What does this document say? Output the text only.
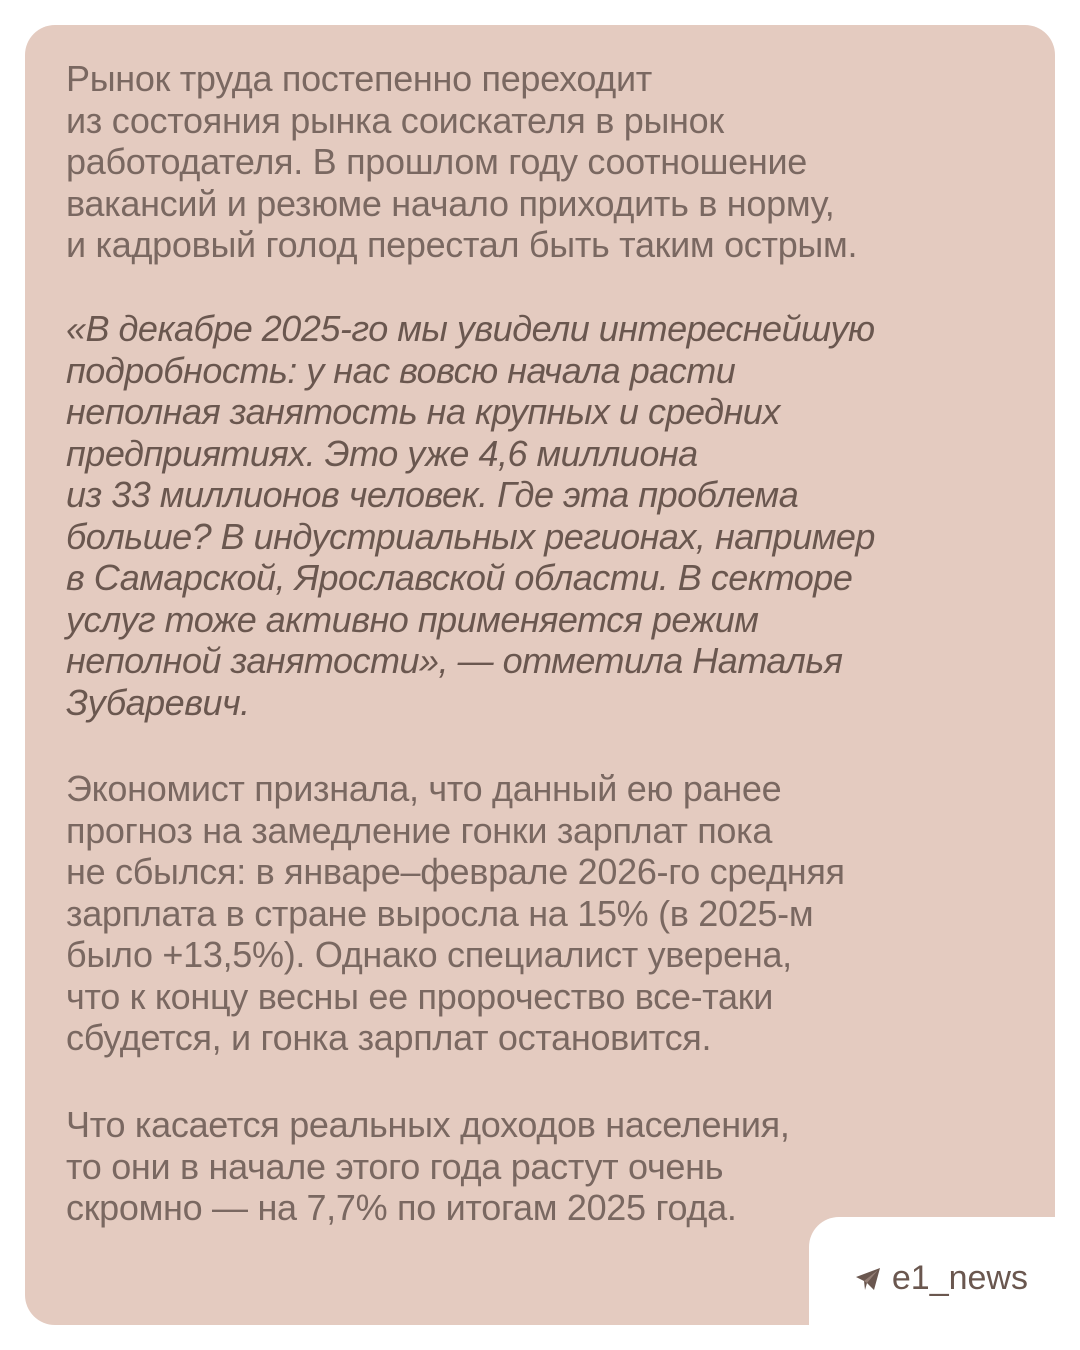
Рынок труда постепенно переходит
из состояния рынка соискателя в рынок
работодателя. В прошлом году соотношение
вакансий и резюме начало приходить в норму,
и кадровый голод перестал быть таким острым.
«В декабре 2025-го мы увидели интереснейшую
подробность: у нас вовсю начала расти
неполная занятость на крупных и средних
предприятиях. Это уже 4,6 миллиона
из 33 миллионов человек. Где эта проблема
больше? В индустриальных регионах, например
в Самарской, Ярославской области. В секторе
услуг тоже активно применяется режим
неполной занятости», — отметила Наталья
Зубаревич.
Экономист признала, что данный ею ранее
прогноз на замедление гонки зарплат пока
не сбылся: в январе–феврале 2026-го средняя
зарплата в стране выросла на 15% (в 2025-м
было +13,5%). Однако специалист уверена,
что к концу весны ее пророчество все-таки
сбудется, и гонка зарплат остановится.
Что касается реальных доходов населения,
то они в начале этого года растут очень
скромно — на 7,7% по итогам 2025 года.
e1_news
